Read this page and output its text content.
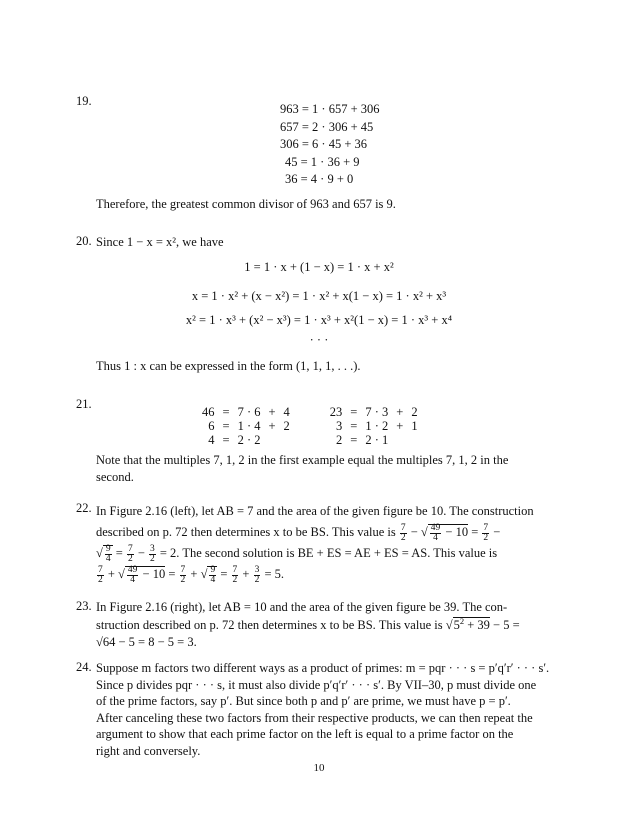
19.
963 = 1 · 657 + 306
657 = 2 · 306 + 45
306 = 6 · 45 + 36
45 = 1 · 36 + 9
36 = 4 · 9 + 0
Therefore, the greatest common divisor of 963 and 657 is 9.
20. Since 1 − x = x², we have
1 = 1 · x + (1 − x) = 1 · x + x²
x = 1 · x² + (x − x²) = 1 · x² + x(1 − x) = 1 · x² + x³
x² = 1 · x³ + (x² − x³) = 1 · x³ + x²(1 − x) = 1 · x³ + x⁴
· · ·
Thus 1 : x can be expressed in the form (1, 1, 1, . . .).
21.
46	=	7 · 6	+	4	23	=	7 · 3	+	2
6	=	1 · 4	+	2	3	=	1 · 2	+	1
4	=	2 · 2			2	=	2 · 1		
Note that the multiples 7, 1, 2 in the first example equal the multiples 7, 1, 2 in the
second.
22. In Figure 2.16 (left), let AB = 7 and the area of the given figure be 10. The construction
described on p. 72 then determines x to be BS. This value is $\frac{7}{2}$ − √ $\frac{49}{4} - 10 = \frac{7}{2}$ −
√ $\frac{9}{4} = \frac{7}{2} - \frac{3}{2} = 2$. The second solution is BE + ES = AE + ES = AS. This value is
$\frac{7}{2}$ + √ $\frac{49}{4} - 10 = \frac{7}{2}$ + √ $\frac{9}{4} = \frac{7}{2} + \frac{3}{2} = 5$.
23. In Figure 2.16 (right), let AB = 10 and the area of the given figure be 39. The con-
struction described on p. 72 then determines x to be BS. This value is $√5^2 + 39 - 5$ =
√64 − 5 = 8 − 5 = 3.
24. Suppose m factors two different ways as a product of primes: m = pqr · · · s = p′q′r′ · · · s′.
Since p divides pqr · · · s, it must also divide p′q′r′ · · · s′. By VII–30, p must divide one
of the prime factors, say p′. But since both p and p′ are prime, we must have p = p′.
After canceling these two factors from their respective products, we can then repeat the
argument to show that each prime factor on the left is equal to a prime factor on the
right and conversely.
10
